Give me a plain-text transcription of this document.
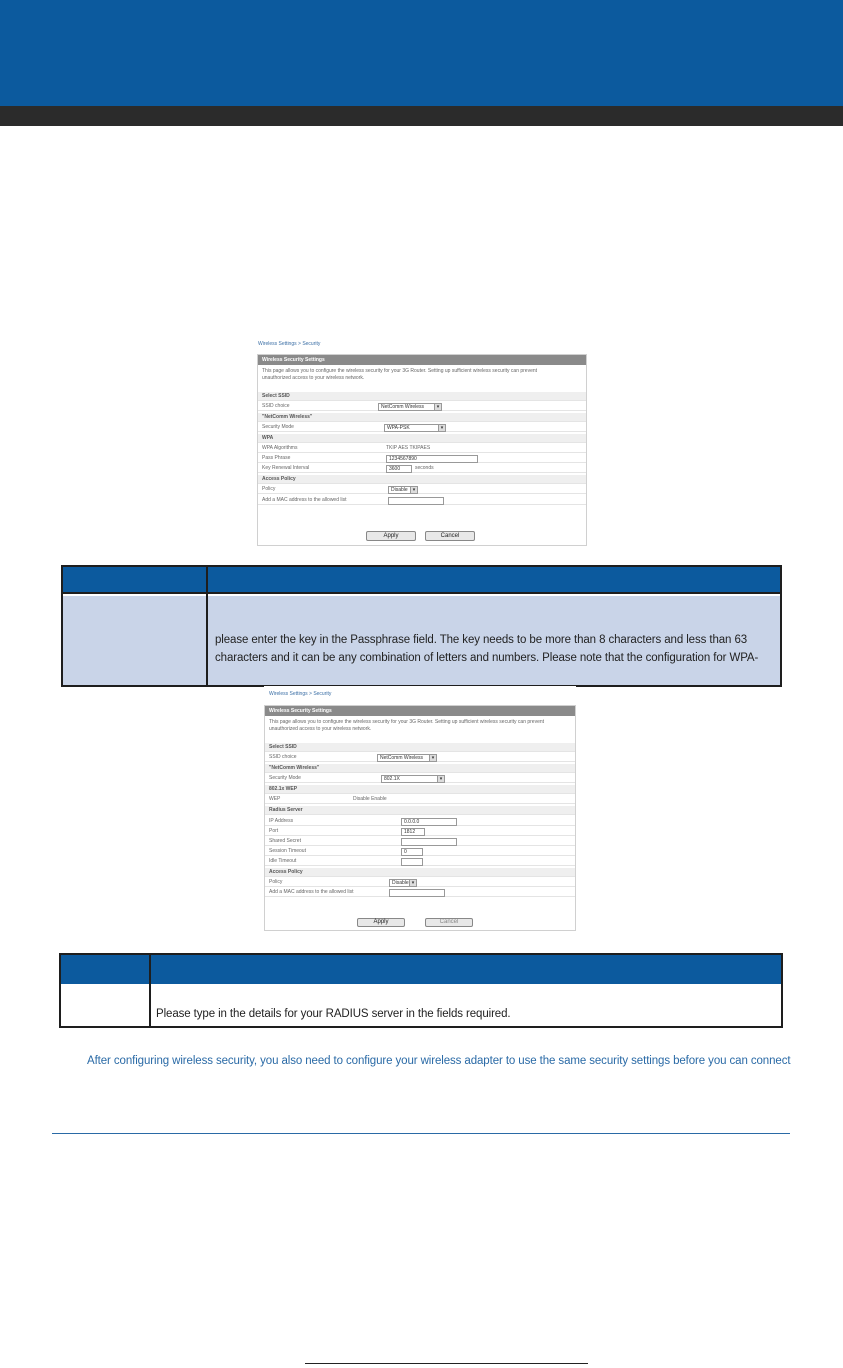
Wireless Settings > Security
Wireless Security Settings
This page allows you to configure the wireless security for your 3G Router. Setting up sufficient wireless security can prevent
unauthorized access to your wireless network.
Select SSID
SSID choice	NetComm Wireless	▾
"NetComm Wireless"
Security Mode	WPA-PSK	▾
WPA
WPA Algorithms	TKIP AES TKIPAES
Pass Phrase	1234567890
Key Renewal Interval	3600	seconds
Access Policy
Policy	Disable	▾
Add a MAC address to the allowed list
Apply	Cancel
please enter the key in the Passphrase field. The key needs to be more than 8 characters and less than 63
characters and it can be any combination of letters and numbers. Please note that the configuration for WPA-
Wireless Settings > Security
Wireless Security Settings
This page allows you to configure the wireless security for your 3G Router. Setting up sufficient wireless security can prevent
unauthorized access to your wireless network.
Select SSID
SSID choice	NetComm Wireless	▾
"NetComm Wireless"
Security Mode	802.1X	▾
802.1x WEP
WEP	Disable Enable
Radius Server
IP Address	0.0.0.0
Port	1812
Shared Secret
Session Timeout	0
Idle Timeout
Access Policy
Policy	Disable ▾
Add a MAC address to the allowed list
Apply	Cancel
Please type in the details for your RADIUS server in the fields required.
After configuring wireless security, you also need to configure your wireless adapter to use the same security settings before you can connect
